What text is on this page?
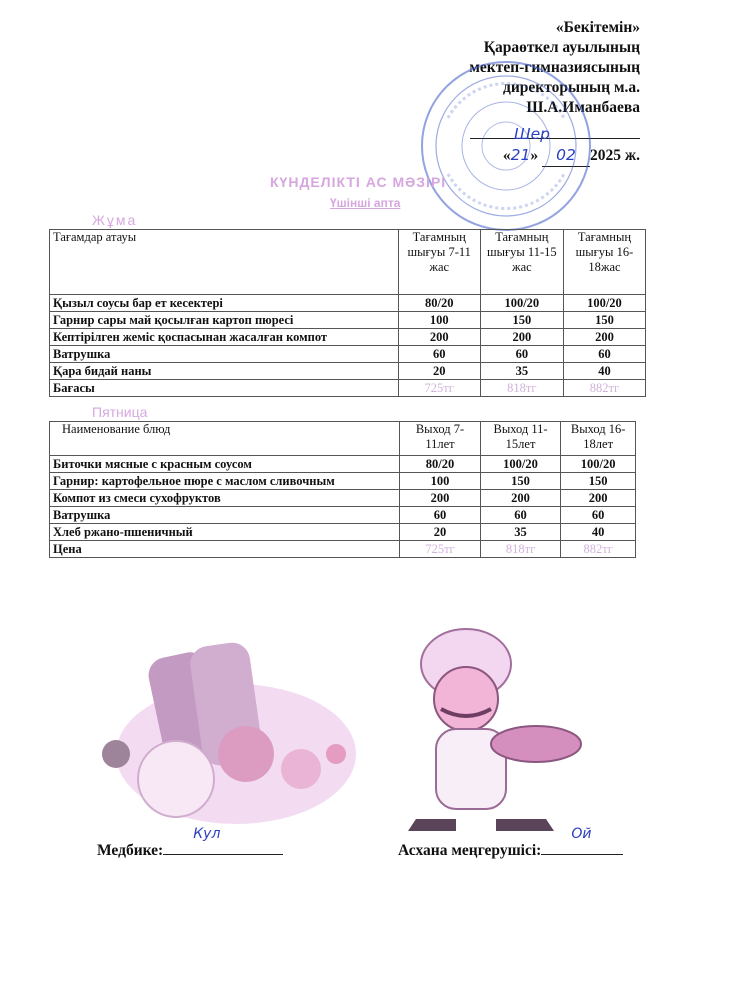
«Бекітемін»
Қараөткел ауылының
мектеп-гимназиясының
директорының м.а.
Ш.А.Иманбаева
Шер
«21» 02 2025 ж.
КҮНДЕЛІКТІ АС МӘЗІРІ
Үшінші апта
Жұма
Тағамдар атауы	Тағамның шығуы 7-11 жас	Тағамның шығуы 11-15 жас	Тағамның шығуы 16-18жас
Қызыл соусы бар ет кесектері	80/20	100/20	100/20
Гарнир сары май қосылған картоп пюресі	100	150	150
Кептірілген жеміс қоспасынан жасалған компот	200	200	200
Ватрушка	60	60	60
Қара бидай наны	20	35	40
Бағасы	725тг	818тг	882тг
Пятница
Наименование блюд	Выход 7-11лет	Выход 11-15лет	Выход 16-18лет
Биточки мясные с красным соусом	80/20	100/20	100/20
Гарнир: картофельное пюре с маслом сливочным	100	150	150
Компот из смеси сухофруктов	200	200	200
Ватрушка	60	60	60
Хлеб ржано-пшеничный	20	35	40
Цена	725тг	818тг	882тг
Медбике:
Кул
Асхана меңгерушісі:
Ой
